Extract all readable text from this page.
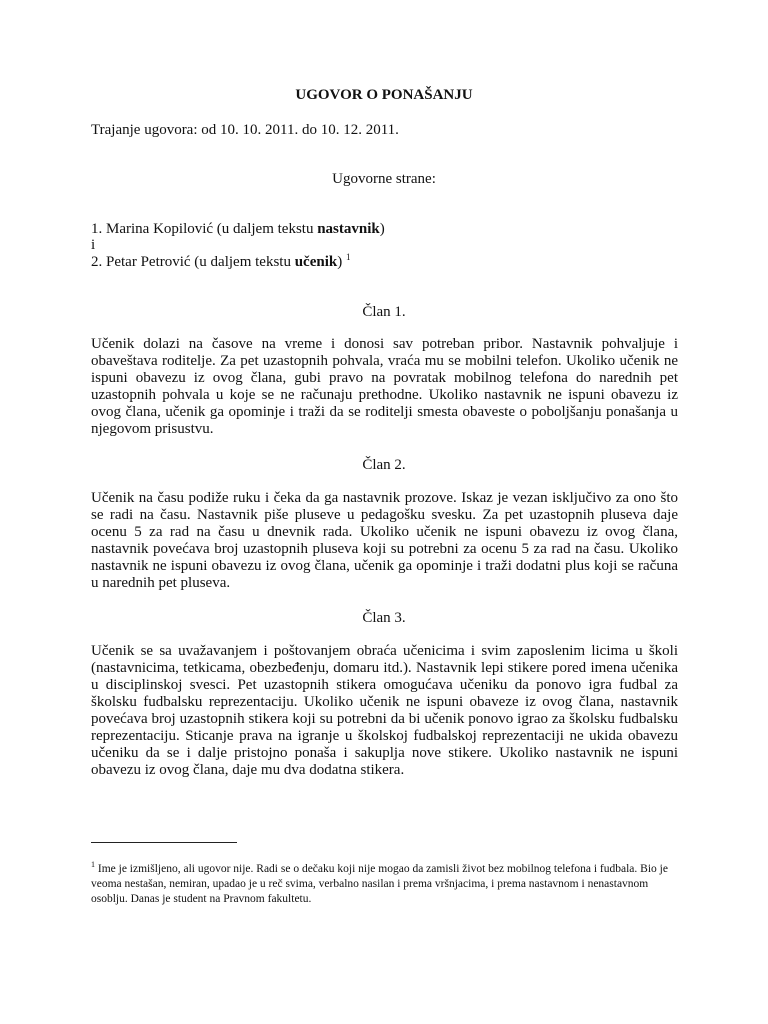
UGOVOR O PONAŠANJU
Trajanje ugovora: od 10. 10. 2011. do 10. 12. 2011.
Ugovorne strane:
1. Marina Kopilović (u daljem tekstu nastavnik)
i
2. Petar Petrović (u daljem tekstu učenik) $^1$
Član 1.
Učenik dolazi na časove na vreme i donosi sav potreban pribor. Nastavnik pohvaljuje i obaveštava roditelje. Za pet uzastopnih pohvala, vraća mu se mobilni telefon. Ukoliko učenik ne ispuni obavezu iz ovog člana, gubi pravo na povratak mobilnog telefona do narednih pet uzastopnih pohvala u koje se ne računaju prethodne. Ukoliko nastavnik ne ispuni obavezu iz ovog člana, učenik ga opominje i traži da se roditelji smesta obaveste o poboljšanju ponašanja u njegovom prisustvu.
Član 2.
Učenik na času podiže ruku i čeka da ga nastavnik prozove. Iskaz je vezan isključivo za ono što se radi na času. Nastavnik piše pluseve u pedagošku svesku. Za pet uzastopnih pluseva daje ocenu 5 za rad na času u dnevnik rada. Ukoliko učenik ne ispuni obavezu iz ovog člana, nastavnik povećava broj uzastopnih pluseva koji su potrebni za ocenu 5 za rad na času. Ukoliko nastavnik ne ispuni obavezu iz ovog člana, učenik ga opominje i traži dodatni plus koji se računa u narednih pet pluseva.
Član 3.
Učenik se sa uvažavanjem i poštovanjem obraća učenicima i svim zaposlenim licima u školi (nastavnicima, tetkicama, obezbeđenju, domaru itd.). Nastavnik lepi stikere pored imena učenika u disciplinskoj svesci. Pet uzastopnih stikera omogućava učeniku da ponovo igra fudbal za školsku fudbalsku reprezentaciju. Ukoliko učenik ne ispuni obaveze iz ovog člana, nastavnik povećava broj uzastopnih stikera koji su potrebni da bi učenik ponovo igrao za školsku fudbalsku reprezentaciju. Sticanje prava na igranje u školskoj fudbalskoj reprezentaciji ne ukida obavezu učeniku da se i dalje pristojno ponaša i sakuplja nove stikere. Ukoliko nastavnik ne ispuni obavezu iz ovog člana, daje mu dva dodatna stikera.
$^1$ Ime je izmišljeno, ali ugovor nije. Radi se o dečaku koji nije mogao da zamisli život bez mobilnog telefona i fudbala. Bio je veoma nestašan, nemiran, upadao je u reč svima, verbalno nasilan i prema vršnjacima, i prema nastavnom i nenastavnom osoblju. Danas je student na Pravnom fakultetu.
